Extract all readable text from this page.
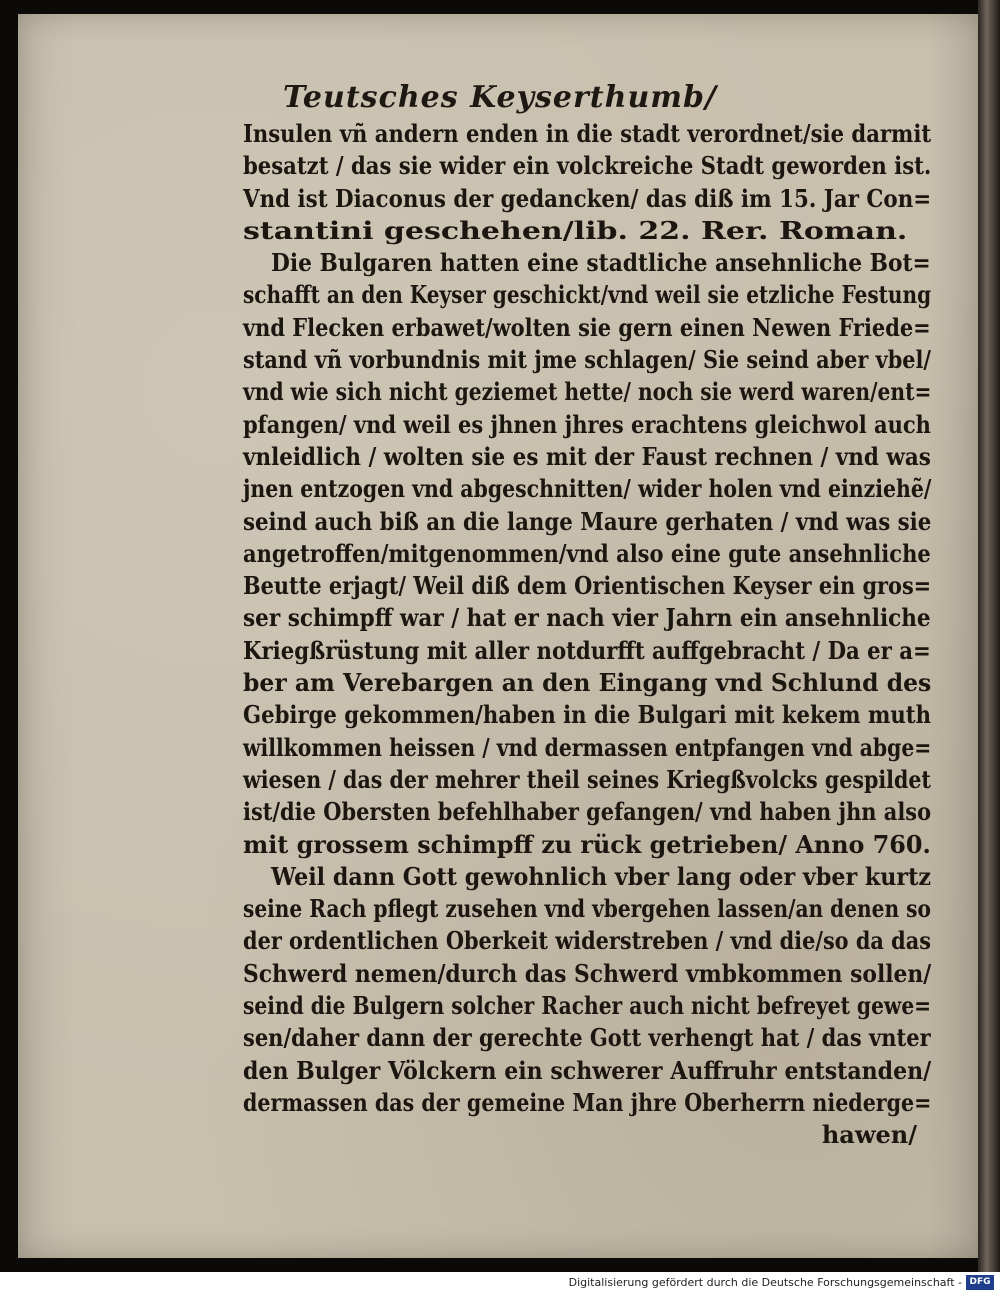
Teutsches Keyserthumb/
Insulen vñ andern enden in die stadt verordnet/sie darmit
besatzt / das sie wider ein volckreiche Stadt geworden ist.
Vnd ist Diaconus der gedancken/ das diß im 15. Jar Con=
stantini geschehen/lib. 22. Rer. Roman.
Die Bulgaren hatten eine stadtliche ansehnliche Bot=
schafft an den Keyser geschickt/vnd weil sie etzliche Festung
vnd Flecken erbawet/wolten sie gern einen Newen Friede=
stand vñ vorbundnis mit jme schlagen/ Sie seind aber vbel/
vnd wie sich nicht geziemet hette/ noch sie werd waren/ent=
pfangen/ vnd weil es jhnen jhres erachtens gleichwol auch
vnleidlich / wolten sie es mit der Faust rechnen / vnd was
jnen entzogen vnd abgeschnitten/ wider holen vnd einziehẽ/
seind auch biß an die lange Maure gerhaten / vnd was sie
angetroffen/mitgenommen/vnd also eine gute ansehnliche
Beutte erjagt/ Weil diß dem Orientischen Keyser ein gros=
ser schimpff war / hat er nach vier Jahrn ein ansehnliche
Kriegßrüstung mit aller notdurfft auffgebracht / Da er a=
ber am Verebargen an den Eingang vnd Schlund des
Gebirge gekommen/haben in die Bulgari mit kekem muth
willkommen heissen / vnd dermassen entpfangen vnd abge=
wiesen / das der mehrer theil seines Kriegßvolcks gespildet
ist/die Obersten befehlhaber gefangen/ vnd haben jhn also
mit grossem schimpff zu rück getrieben/ Anno 760.
Weil dann Gott gewohnlich vber lang oder vber kurtz
seine Rach pflegt zusehen vnd vbergehen lassen/an denen so
der ordentlichen Oberkeit widerstreben / vnd die/so da das
Schwerd nemen/durch das Schwerd vmbkommen sollen/
seind die Bulgern solcher Racher auch nicht befreyet gewe=
sen/daher dann der gerechte Gott verhengt hat / das vnter
den Bulger Völckern ein schwerer Auffruhr entstanden/
dermassen das der gemeine Man jhre Oberherrn niederge=
hawen/
Digitalisierung gefördert durch die Deutsche Forschungsgemeinschaft - DFG
